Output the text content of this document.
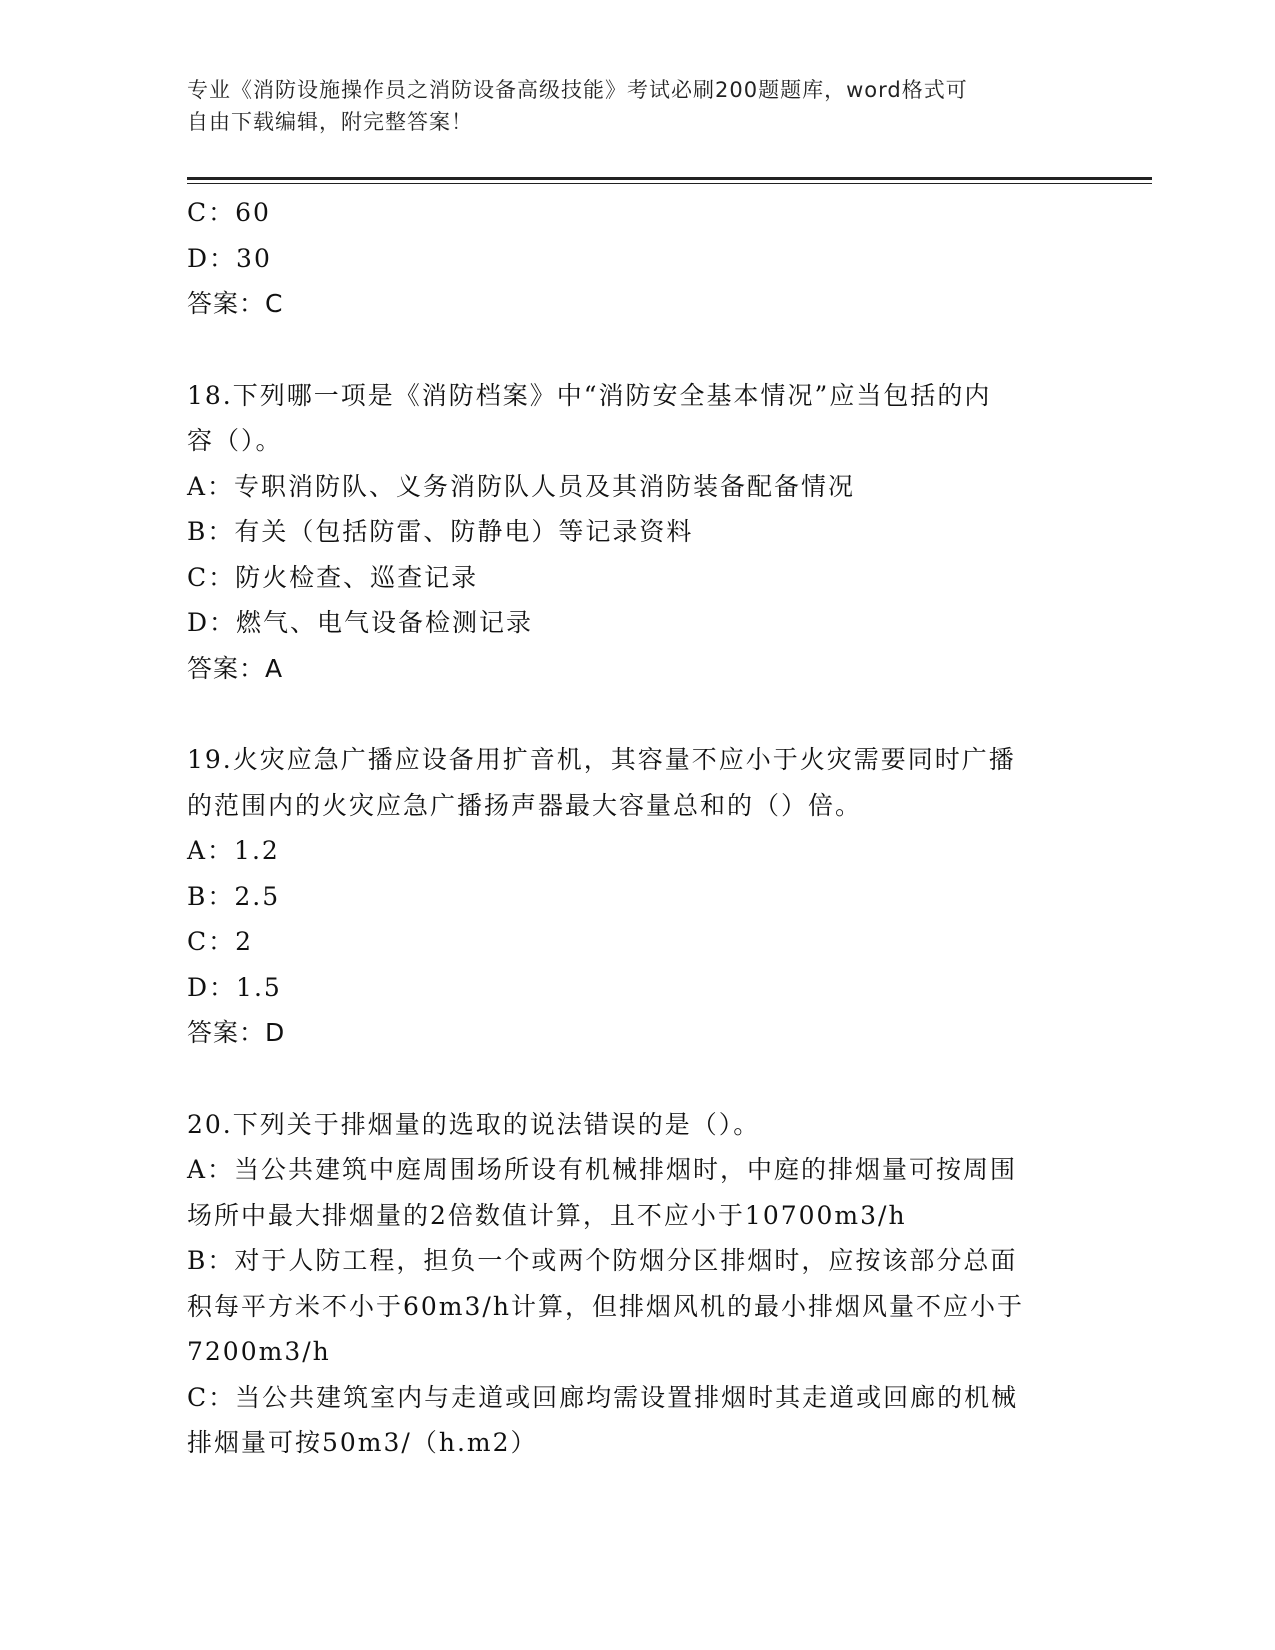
专业《消防设施操作员之消防设备高级技能》考试必刷200题题库，word格式可
自由下载编辑，附完整答案！
C：60
D：30
答案：C
18.下列哪一项是《消防档案》中“消防安全基本情况”应当包括的内
容（）。
A：专职消防队、义务消防队人员及其消防装备配备情况
B：有关（包括防雷、防静电）等记录资料
C：防火检查、巡查记录
D：燃气、电气设备检测记录
答案：A
19.火灾应急广播应设备用扩音机，其容量不应小于火灾需要同时广播
的范围内的火灾应急广播扬声器最大容量总和的（）倍。
A：1.2
B：2.5
C：2
D：1.5
答案：D
20.下列关于排烟量的选取的说法错误的是（）。
A：当公共建筑中庭周围场所设有机械排烟时，中庭的排烟量可按周围
场所中最大排烟量的2倍数值计算，且不应小于10700m3/h
B：对于人防工程，担负一个或两个防烟分区排烟时，应按该部分总面
积每平方米不小于60m3/h计算，但排烟风机的最小排烟风量不应小于
7200m3/h
C：当公共建筑室内与走道或回廊均需设置排烟时其走道或回廊的机械
排烟量可按50m3/（h.m2）
